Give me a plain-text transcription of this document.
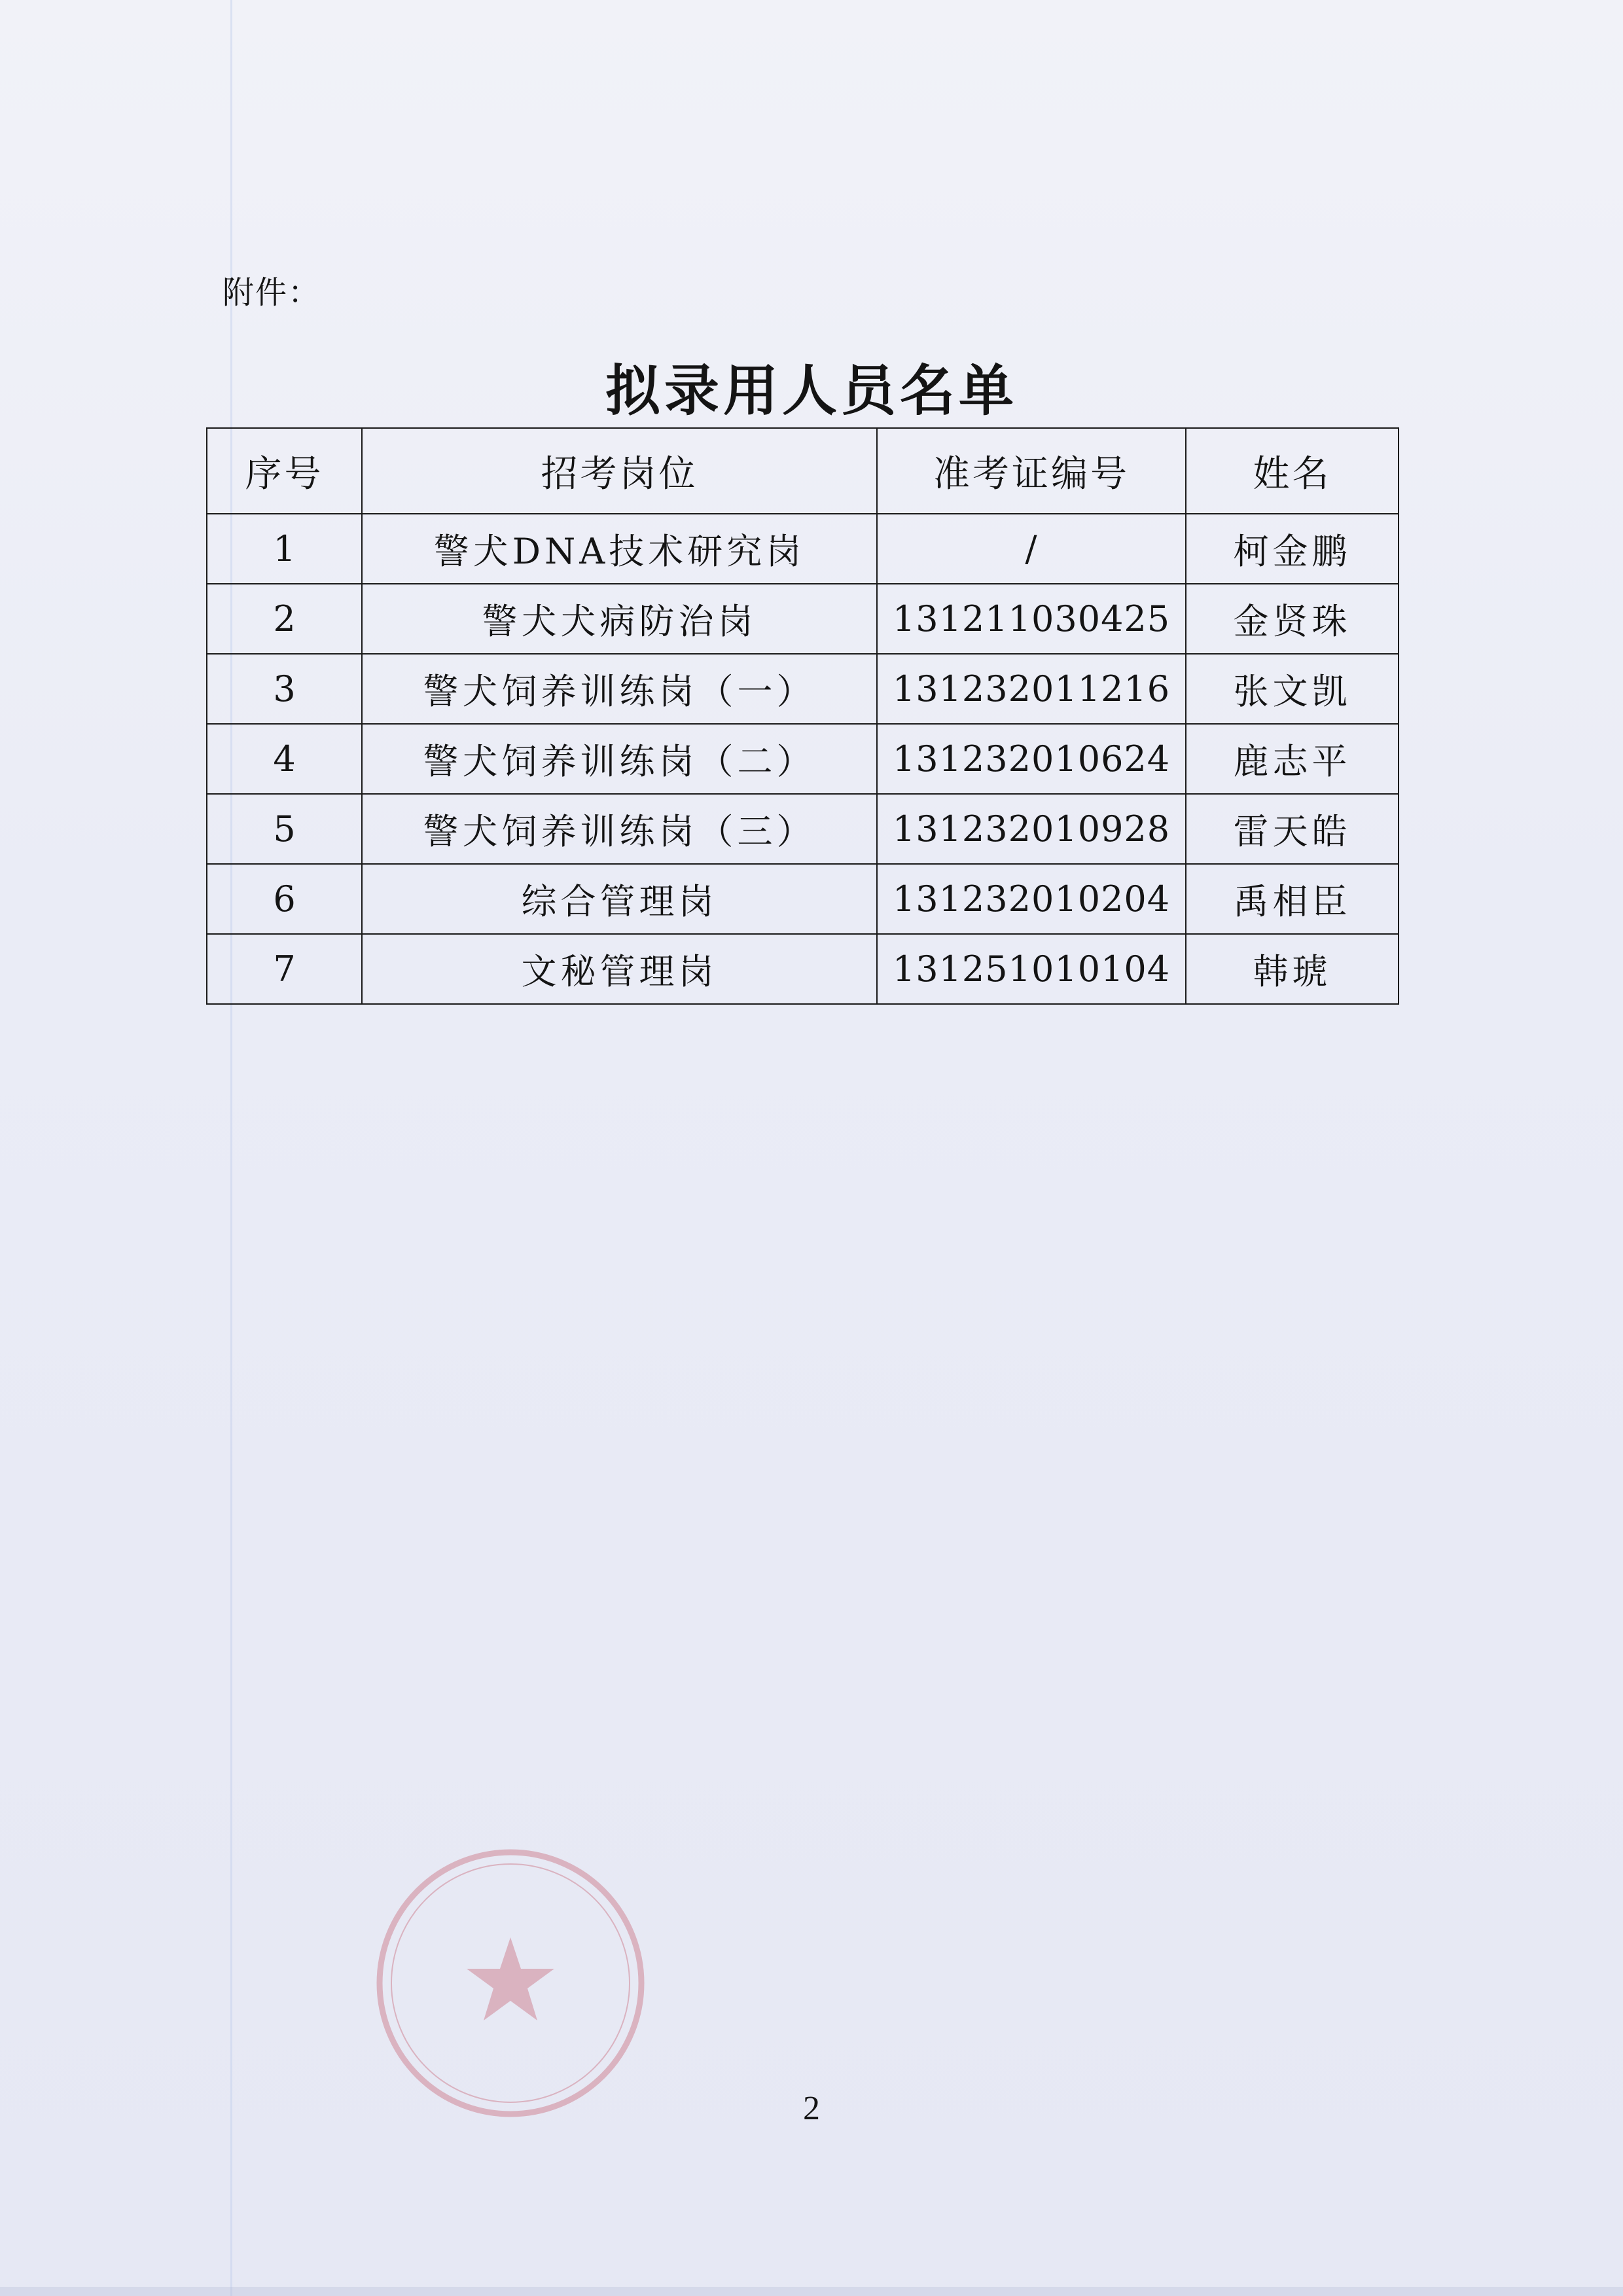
附件：
拟录用人员名单
序号	招考岗位	准考证编号	姓名
1	警犬DNA技术研究岗	/	柯金鹏
2	警犬犬病防治岗	131211030425	金贤珠
3	警犬饲养训练岗（一）	131232011216	张文凯
4	警犬饲养训练岗（二）	131232010624	鹿志平
5	警犬饲养训练岗（三）	131232010928	雷天皓
6	综合管理岗	131232010204	禹相臣
7	文秘管理岗	131251010104	韩琥
2
